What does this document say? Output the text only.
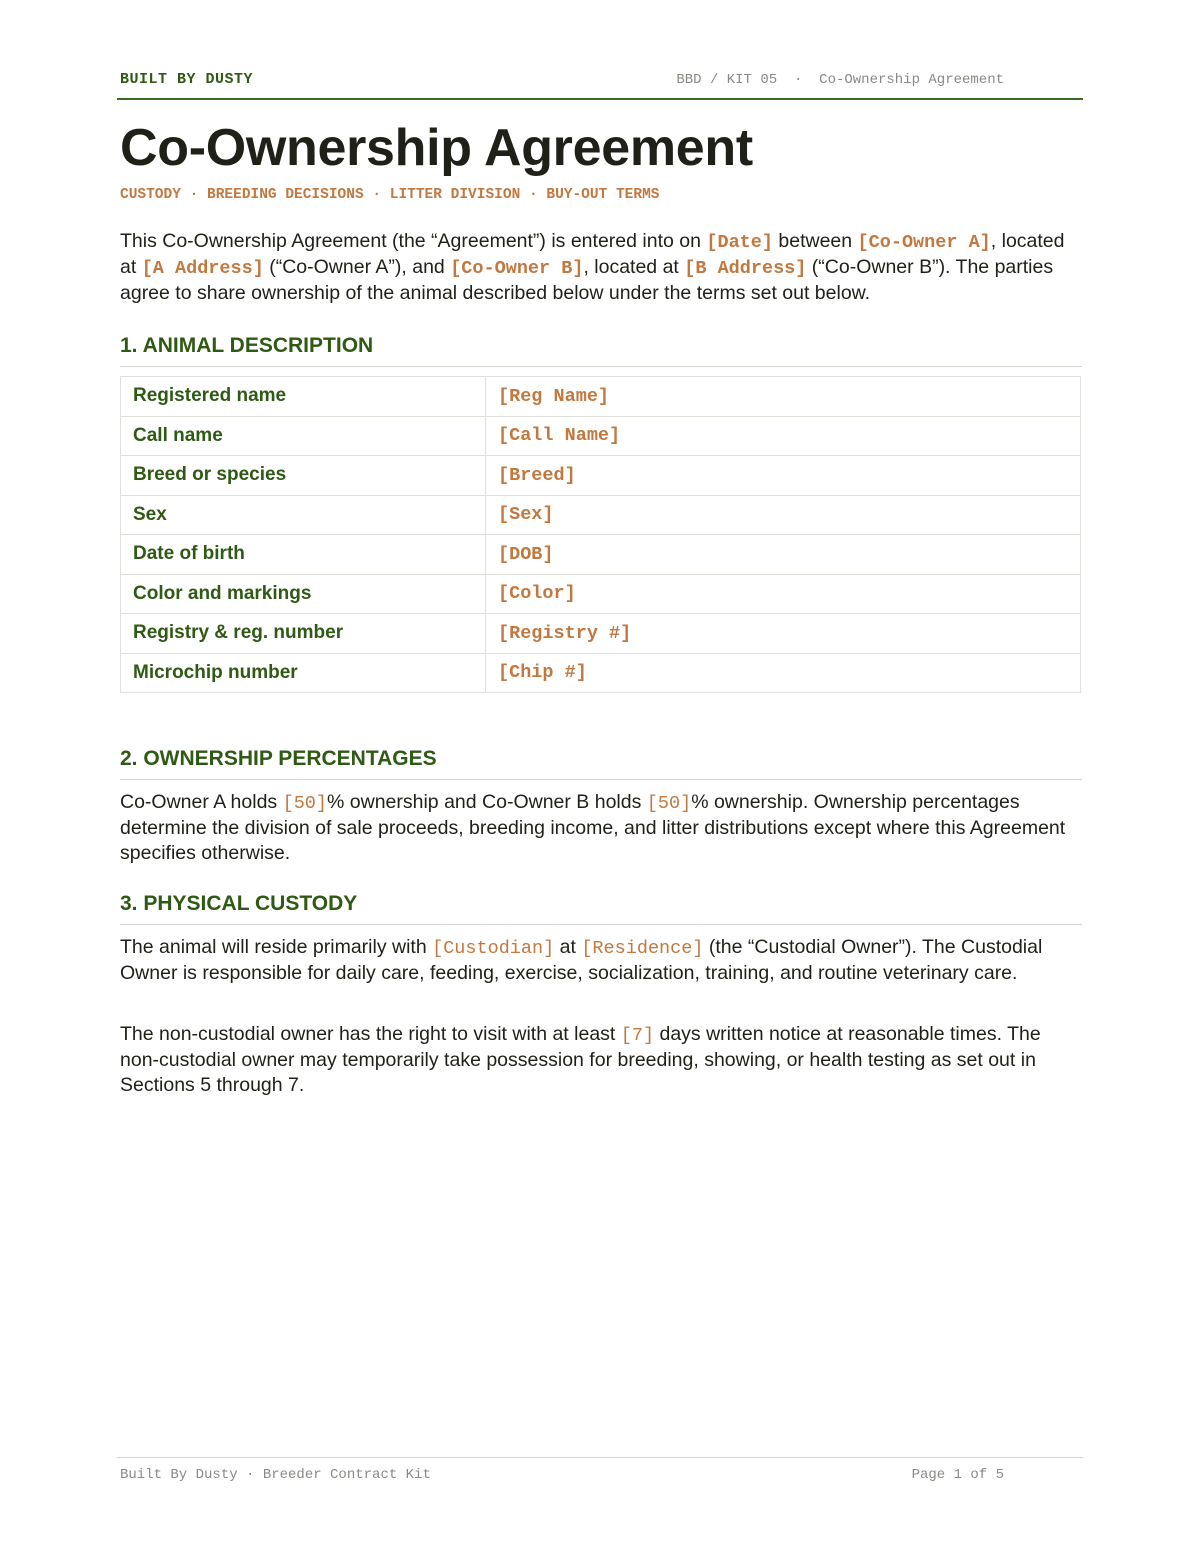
BUILT BY DUSTY	BBD / KIT 05  ·  Co-Ownership Agreement
Co-Ownership Agreement
CUSTODY · BREEDING DECISIONS · LITTER DIVISION · BUY-OUT TERMS

This Co-Ownership Agreement (the “Agreement”) is entered into on [Date] between [Co-Owner A], located at [A Address] (“Co-Owner A”), and [Co-Owner B], located at [B Address] (“Co-Owner B”). The parties agree to share ownership of the animal described below under the terms set out below.

1. ANIMAL DESCRIPTION
Registered name	[Reg Name]
Call name	[Call Name]
Breed or species	[Breed]
Sex	[Sex]
Date of birth	[DOB]
Color and markings	[Color]
Registry & reg. number	[Registry #]
Microchip number	[Chip #]
2. OWNERSHIP PERCENTAGES

Co-Owner A holds [50]% ownership and Co-Owner B holds [50]% ownership. Ownership percentages determine the division of sale proceeds, breeding income, and litter distributions except where this Agreement specifies otherwise.

3. PHYSICAL CUSTODY

The animal will reside primarily with [Custodian] at [Residence] (the “Custodial Owner”). The Custodial Owner is responsible for daily care, feeding, exercise, socialization, training, and routine veterinary care.

The non-custodial owner has the right to visit with at least [7] days written notice at reasonable times. The non-custodial owner may temporarily take possession for breeding, showing, or health testing as set out in Sections 5 through 7.

Built By Dusty · Breeder Contract Kit	Page 1 of 5
